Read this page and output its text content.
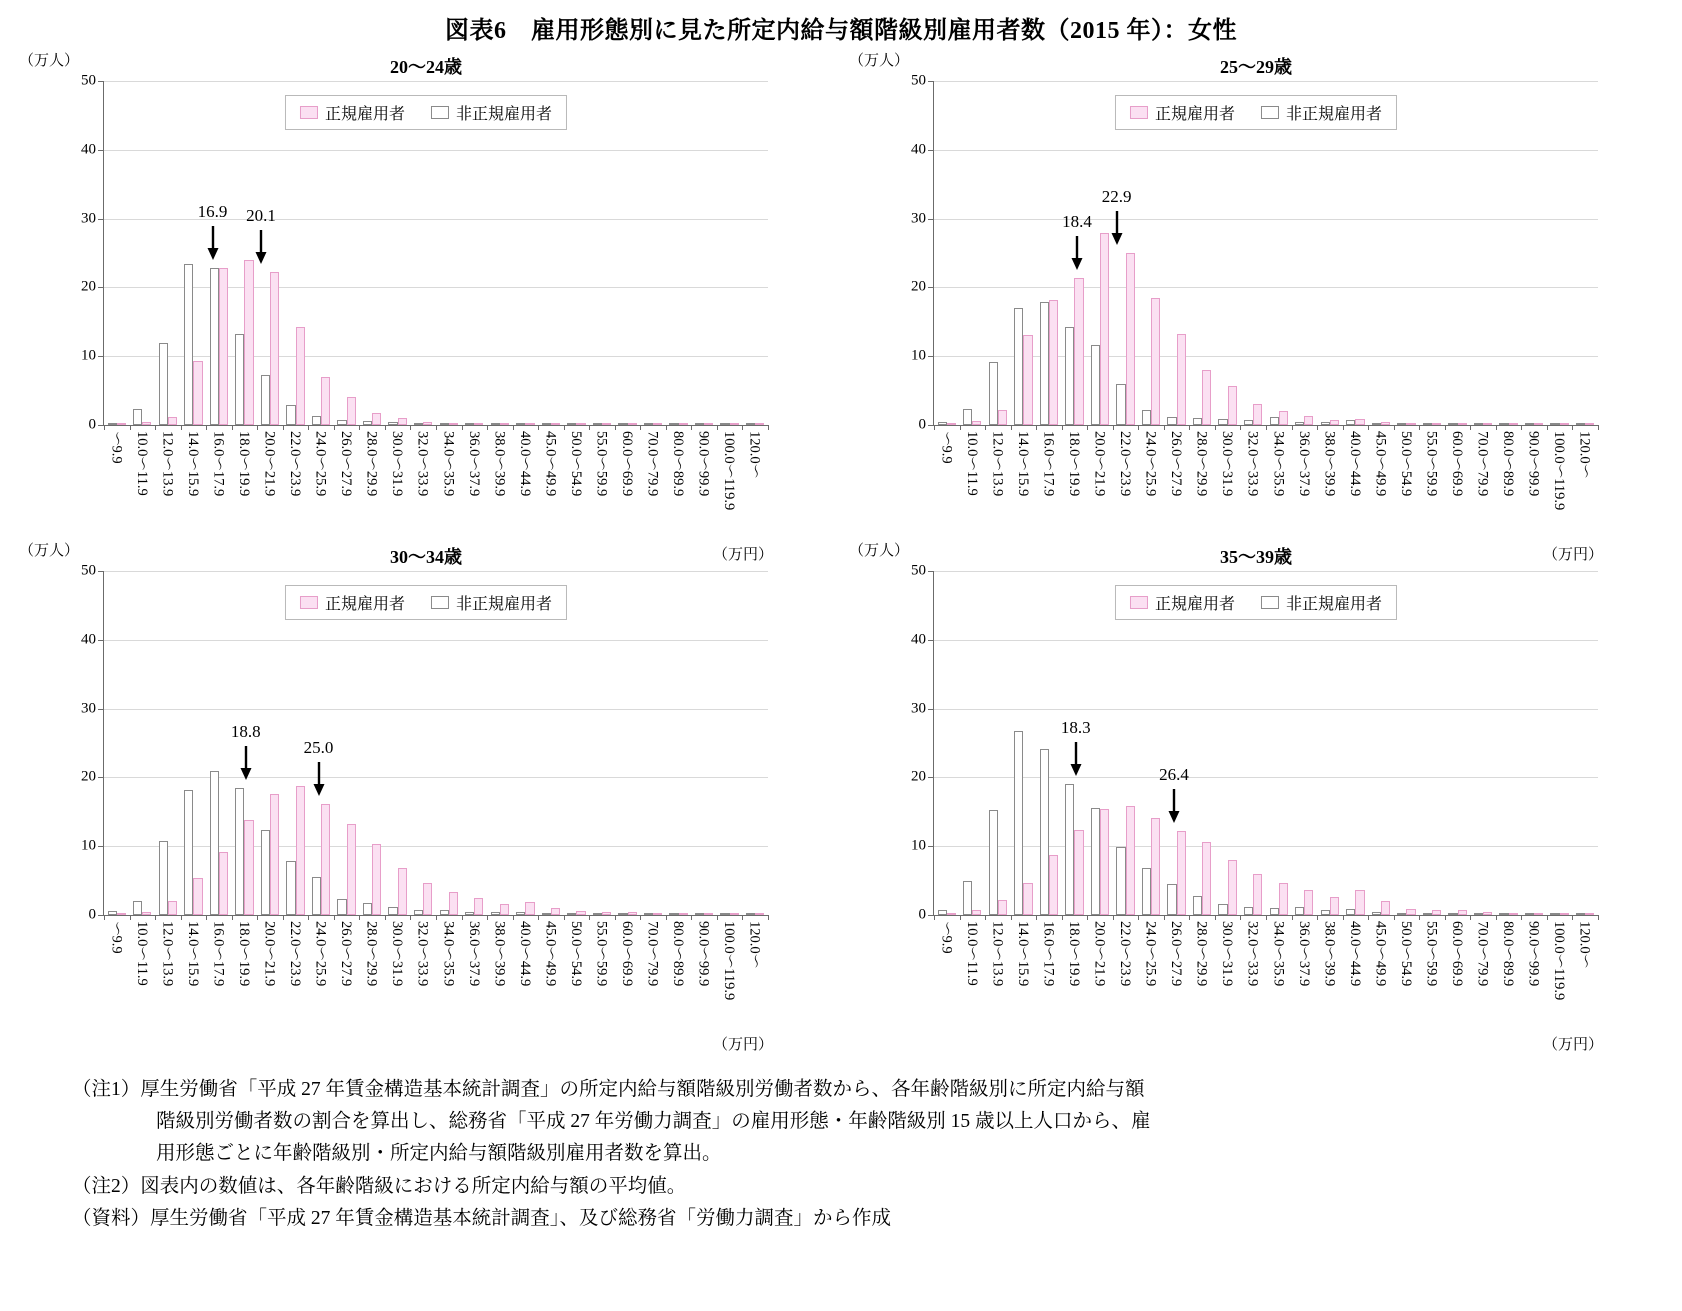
図表6　雇用形態別に見た所定内給与額階級別雇用者数（2015 年）：女性
（万人）	20〜24歳
0
10
20
30
40
50
〜9.9 10.0〜11.9 12.0〜13.9 14.0〜15.9 16.0〜17.9 18.0〜19.9 20.0〜21.9 22.0〜23.9 24.0〜25.9 26.0〜27.9 28.0〜29.9 30.0〜31.9 32.0〜33.9 34.0〜35.9 36.0〜37.9 38.0〜39.9 40.0〜44.9 45.0〜49.9 50.0〜54.9 55.0〜59.9 60.0〜69.9 70.0〜79.9 80.0〜89.9 90.0〜99.9 100.0〜119.9 120.0〜
16.9 20.1
正規雇用者	非正規雇用者
（万円）
（万人）	25〜29歳
0
10
20
30
40
50
〜9.9 10.0〜11.9 12.0〜13.9 14.0〜15.9 16.0〜17.9 18.0〜19.9 20.0〜21.9 22.0〜23.9 24.0〜25.9 26.0〜27.9 28.0〜29.9 30.0〜31.9 32.0〜33.9 34.0〜35.9 36.0〜37.9 38.0〜39.9 40.0〜44.9 45.0〜49.9 50.0〜54.9 55.0〜59.9 60.0〜69.9 70.0〜79.9 80.0〜89.9 90.0〜99.9 100.0〜119.9 120.0〜
18.4
22.9
正規雇用者	非正規雇用者
（万円）
（万人）	30〜34歳
0
10
20
30
40
50
〜9.9 10.0〜11.9 12.0〜13.9 14.0〜15.9 16.0〜17.9 18.0〜19.9 20.0〜21.9 22.0〜23.9 24.0〜25.9 26.0〜27.9 28.0〜29.9 30.0〜31.9 32.0〜33.9 34.0〜35.9 36.0〜37.9 38.0〜39.9 40.0〜44.9 45.0〜49.9 50.0〜54.9 55.0〜59.9 60.0〜69.9 70.0〜79.9 80.0〜89.9 90.0〜99.9 100.0〜119.9 120.0〜
18.8
25.0
正規雇用者	非正規雇用者
（万円）
（万人）	35〜39歳
0
10
20
30
40
50
〜9.9 10.0〜11.9 12.0〜13.9 14.0〜15.9 16.0〜17.9 18.0〜19.9 20.0〜21.9 22.0〜23.9 24.0〜25.9 26.0〜27.9 28.0〜29.9 30.0〜31.9 32.0〜33.9 34.0〜35.9 36.0〜37.9 38.0〜39.9 40.0〜44.9 45.0〜49.9 50.0〜54.9 55.0〜59.9 60.0〜69.9 70.0〜79.9 80.0〜89.9 90.0〜99.9 100.0〜119.9 120.0〜
18.3
26.4
正規雇用者	非正規雇用者
（万円）

（注1）厚生労働省「平成 27 年賃金構造基本統計調査」の所定内給与額階級別労働者数から、各年齢階級別に所定内給与額

階級別労働者数の割合を算出し、総務省「平成 27 年労働力調査」の雇用形態・年齢階級別 15 歳以上人口から、雇

用形態ごとに年齢階級別・所定内給与額階級別雇用者数を算出。

（注2）図表内の数値は、各年齢階級における所定内給与額の平均値。

（資料）厚生労働省「平成 27 年賃金構造基本統計調査」、及び総務省「労働力調査」から作成
